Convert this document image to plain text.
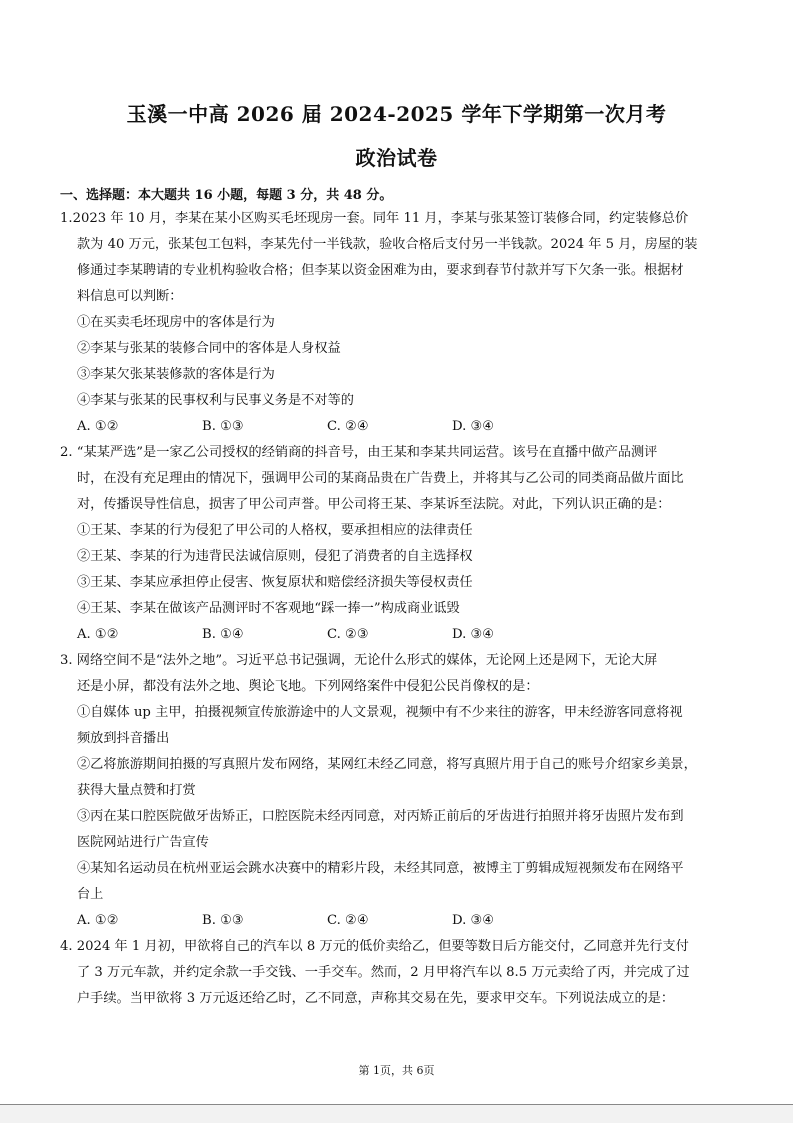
玉溪一中高 2026 届 2024-2025 学年下学期第一次月考
政治试卷
一、选择题：本大题共 16 小题，每题 3 分，共 48 分。
1.2023 年 10 月，李某在某小区购买毛坯现房一套。同年 11 月，李某与张某签订装修合同，约定装修总价
款为 40 万元，张某包工包料，李某先付一半钱款，验收合格后支付另一半钱款。2024 年 5 月，房屋的装
修通过李某聘请的专业机构验收合格；但李某以资金困难为由，要求到春节付款并写下欠条一张。根据材
料信息可以判断：
①在买卖毛坯现房中的客体是行为
②李某与张某的装修合同中的客体是人身权益
③李某欠张某装修款的客体是行为
④李某与张某的民事权利与民事义务是不对等的
A. ①②	B. ①③	C. ②④	D. ③④
2. “某某严选”是一家乙公司授权的经销商的抖音号，由王某和李某共同运营。该号在直播中做产品测评
时，在没有充足理由的情况下，强调甲公司的某商品贵在广告费上，并将其与乙公司的同类商品做片面比
对，传播误导性信息，损害了甲公司声誉。甲公司将王某、李某诉至法院。对此，下列认识正确的是：
①王某、李某的行为侵犯了甲公司的人格权，要承担相应的法律责任
②王某、李某的行为违背民法诚信原则，侵犯了消费者的自主选择权
③王某、李某应承担停止侵害、恢复原状和赔偿经济损失等侵权责任
④王某、李某在做该产品测评时不客观地“踩一捧一”构成商业诋毁
A. ①②	B. ①④	C. ②③	D. ③④
3. 网络空间不是“法外之地”。习近平总书记强调，无论什么形式的媒体，无论网上还是网下，无论大屏
还是小屏，都没有法外之地、舆论飞地。下列网络案件中侵犯公民肖像权的是：
①自媒体 up 主甲，拍摄视频宣传旅游途中的人文景观，视频中有不少来往的游客，甲未经游客同意将视
频放到抖音播出
②乙将旅游期间拍摄的写真照片发布网络，某网红未经乙同意，将写真照片用于自己的账号介绍家乡美景，
获得大量点赞和打赏
③丙在某口腔医院做牙齿矫正，口腔医院未经丙同意，对丙矫正前后的牙齿进行拍照并将牙齿照片发布到
医院网站进行广告宣传
④某知名运动员在杭州亚运会跳水决赛中的精彩片段，未经其同意，被博主丁剪辑成短视频发布在网络平
台上
A. ①②	B. ①③	C. ②④	D. ③④
4. 2024 年 1 月初，甲欲将自己的汽车以 8 万元的低价卖给乙，但要等数日后方能交付，乙同意并先行支付
了 3 万元车款，并约定余款一手交钱、一手交车。然而，2 月甲将汽车以 8.5 万元卖给了丙，并完成了过
户手续。当甲欲将 3 万元返还给乙时，乙不同意，声称其交易在先，要求甲交车。下列说法成立的是：
第 1页，共 6页
